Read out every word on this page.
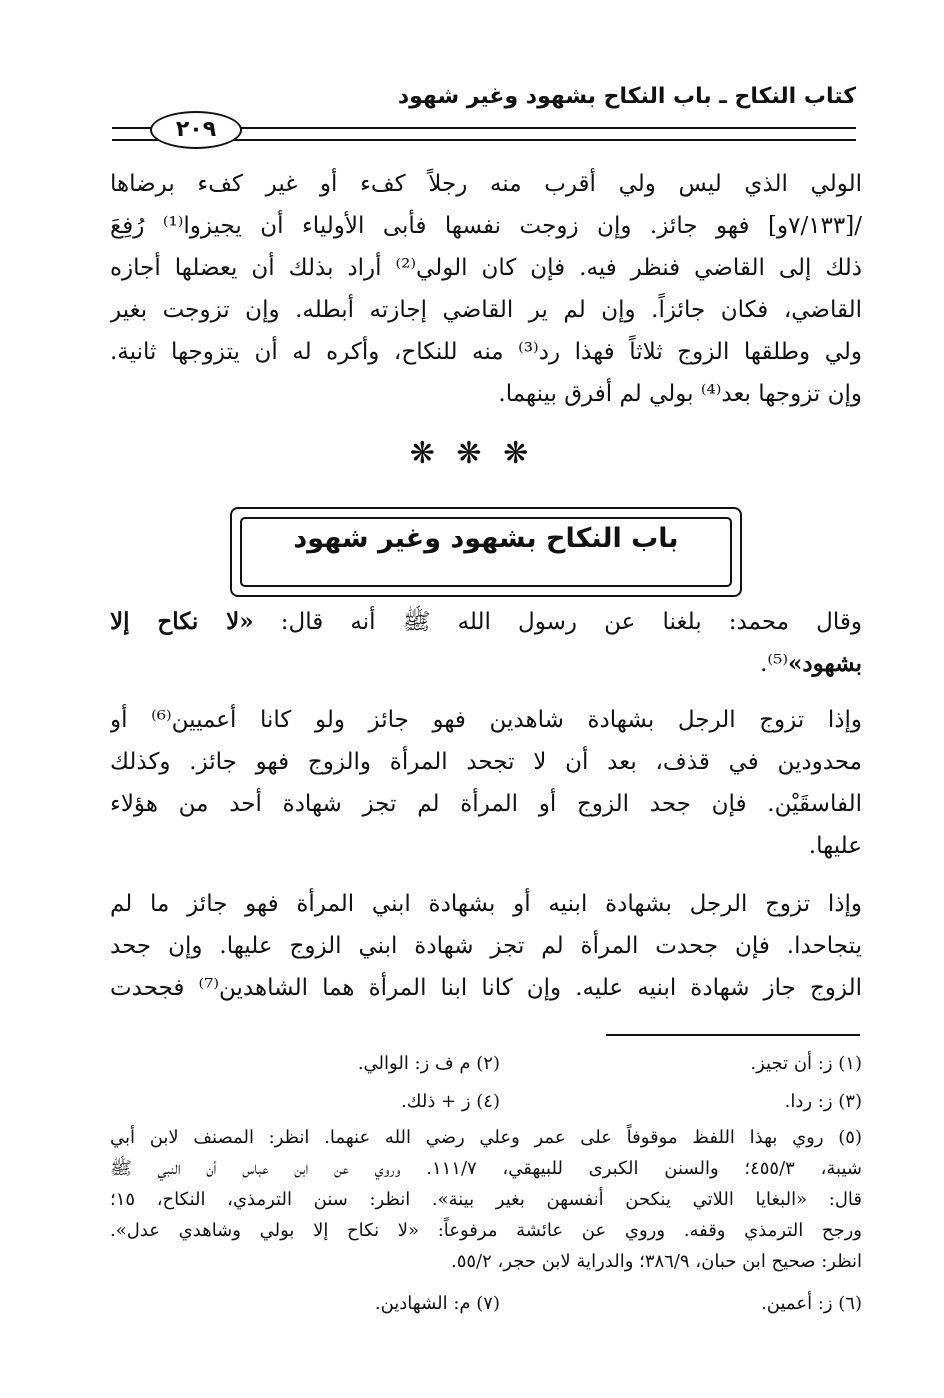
كتاب النكاح ـ باب النكاح بشهود وغير شهود
٢٠٩
الولي الذي ليس ولي أقرب منه رجلاً كفء أو غير كفء برضاها
/[٧/١٣٣و] فهو جائز. وإن زوجت نفسها فأبى الأولياء أن يجيزوا⁽¹⁾ رُفِعَ
ذلك إلى القاضي فنظر فيه. فإن كان الولي⁽²⁾ أراد بذلك أن يعضلها أجازه
القاضي، فكان جائزاً. وإن لم ير القاضي إجازته أبطله. وإن تزوجت بغير
ولي وطلقها الزوج ثلاثاً فهذا رد⁽³⁾ منه للنكاح، وأكره له أن يتزوجها ثانية.
وإن تزوجها بعد⁽⁴⁾ بولي لم أفرق بينهما.
❋ ❋ ❋
باب النكاح بشهود وغير شهود
وقال محمد: بلغنا عن رسول الله ﷺ أنه قال: «لا نكاح إلا
بشهود»⁽⁵⁾.
وإذا تزوج الرجل بشهادة شاهدين فهو جائز ولو كانا أعميين⁽⁶⁾ أو
محدودين في قذف، بعد أن لا تجحد المرأة والزوج فهو جائز. وكذلك
الفاسقَيْن. فإن جحد الزوج أو المرأة لم تجز شهادة أحد من هؤلاء
عليها.
وإذا تزوج الرجل بشهادة ابنيه أو بشهادة ابني المرأة فهو جائز ما لم
يتجاحدا. فإن جحدت المرأة لم تجز شهادة ابني الزوج عليها. وإن جحد
الزوج جاز شهادة ابنيه عليه. وإن كانا ابنا المرأة هما الشاهدين⁽⁷⁾ فجحدت
(١) ز: أن تجيز.
(٢) م ف ز: الوالي.
(٣) ز: ردا.
(٤) ز + ذلك.
(٥) روي بهذا اللفظ موقوفاً على عمر وعلي رضي الله عنهما. انظر: المصنف لابن أبي
شيبة، ٤٥٥/٣؛ والسنن الكبرى للبيهقي، ١١١/٧. وروي عن ابن عباس أن النبي ﷺ
قال: «البغايا اللاتي ينكحن أنفسهن بغير بينة». انظر: سنن الترمذي، النكاح، ١٥؛
ورجح الترمذي وقفه. وروي عن عائشة مرفوعاً: «لا نكاح إلا بولي وشاهدي عدل».
انظر: صحيح ابن حبان، ٣٨٦/٩؛ والدراية لابن حجر، ٥٥/٢.
(٦) ز: أعمين.
(٧) م: الشهادين.
